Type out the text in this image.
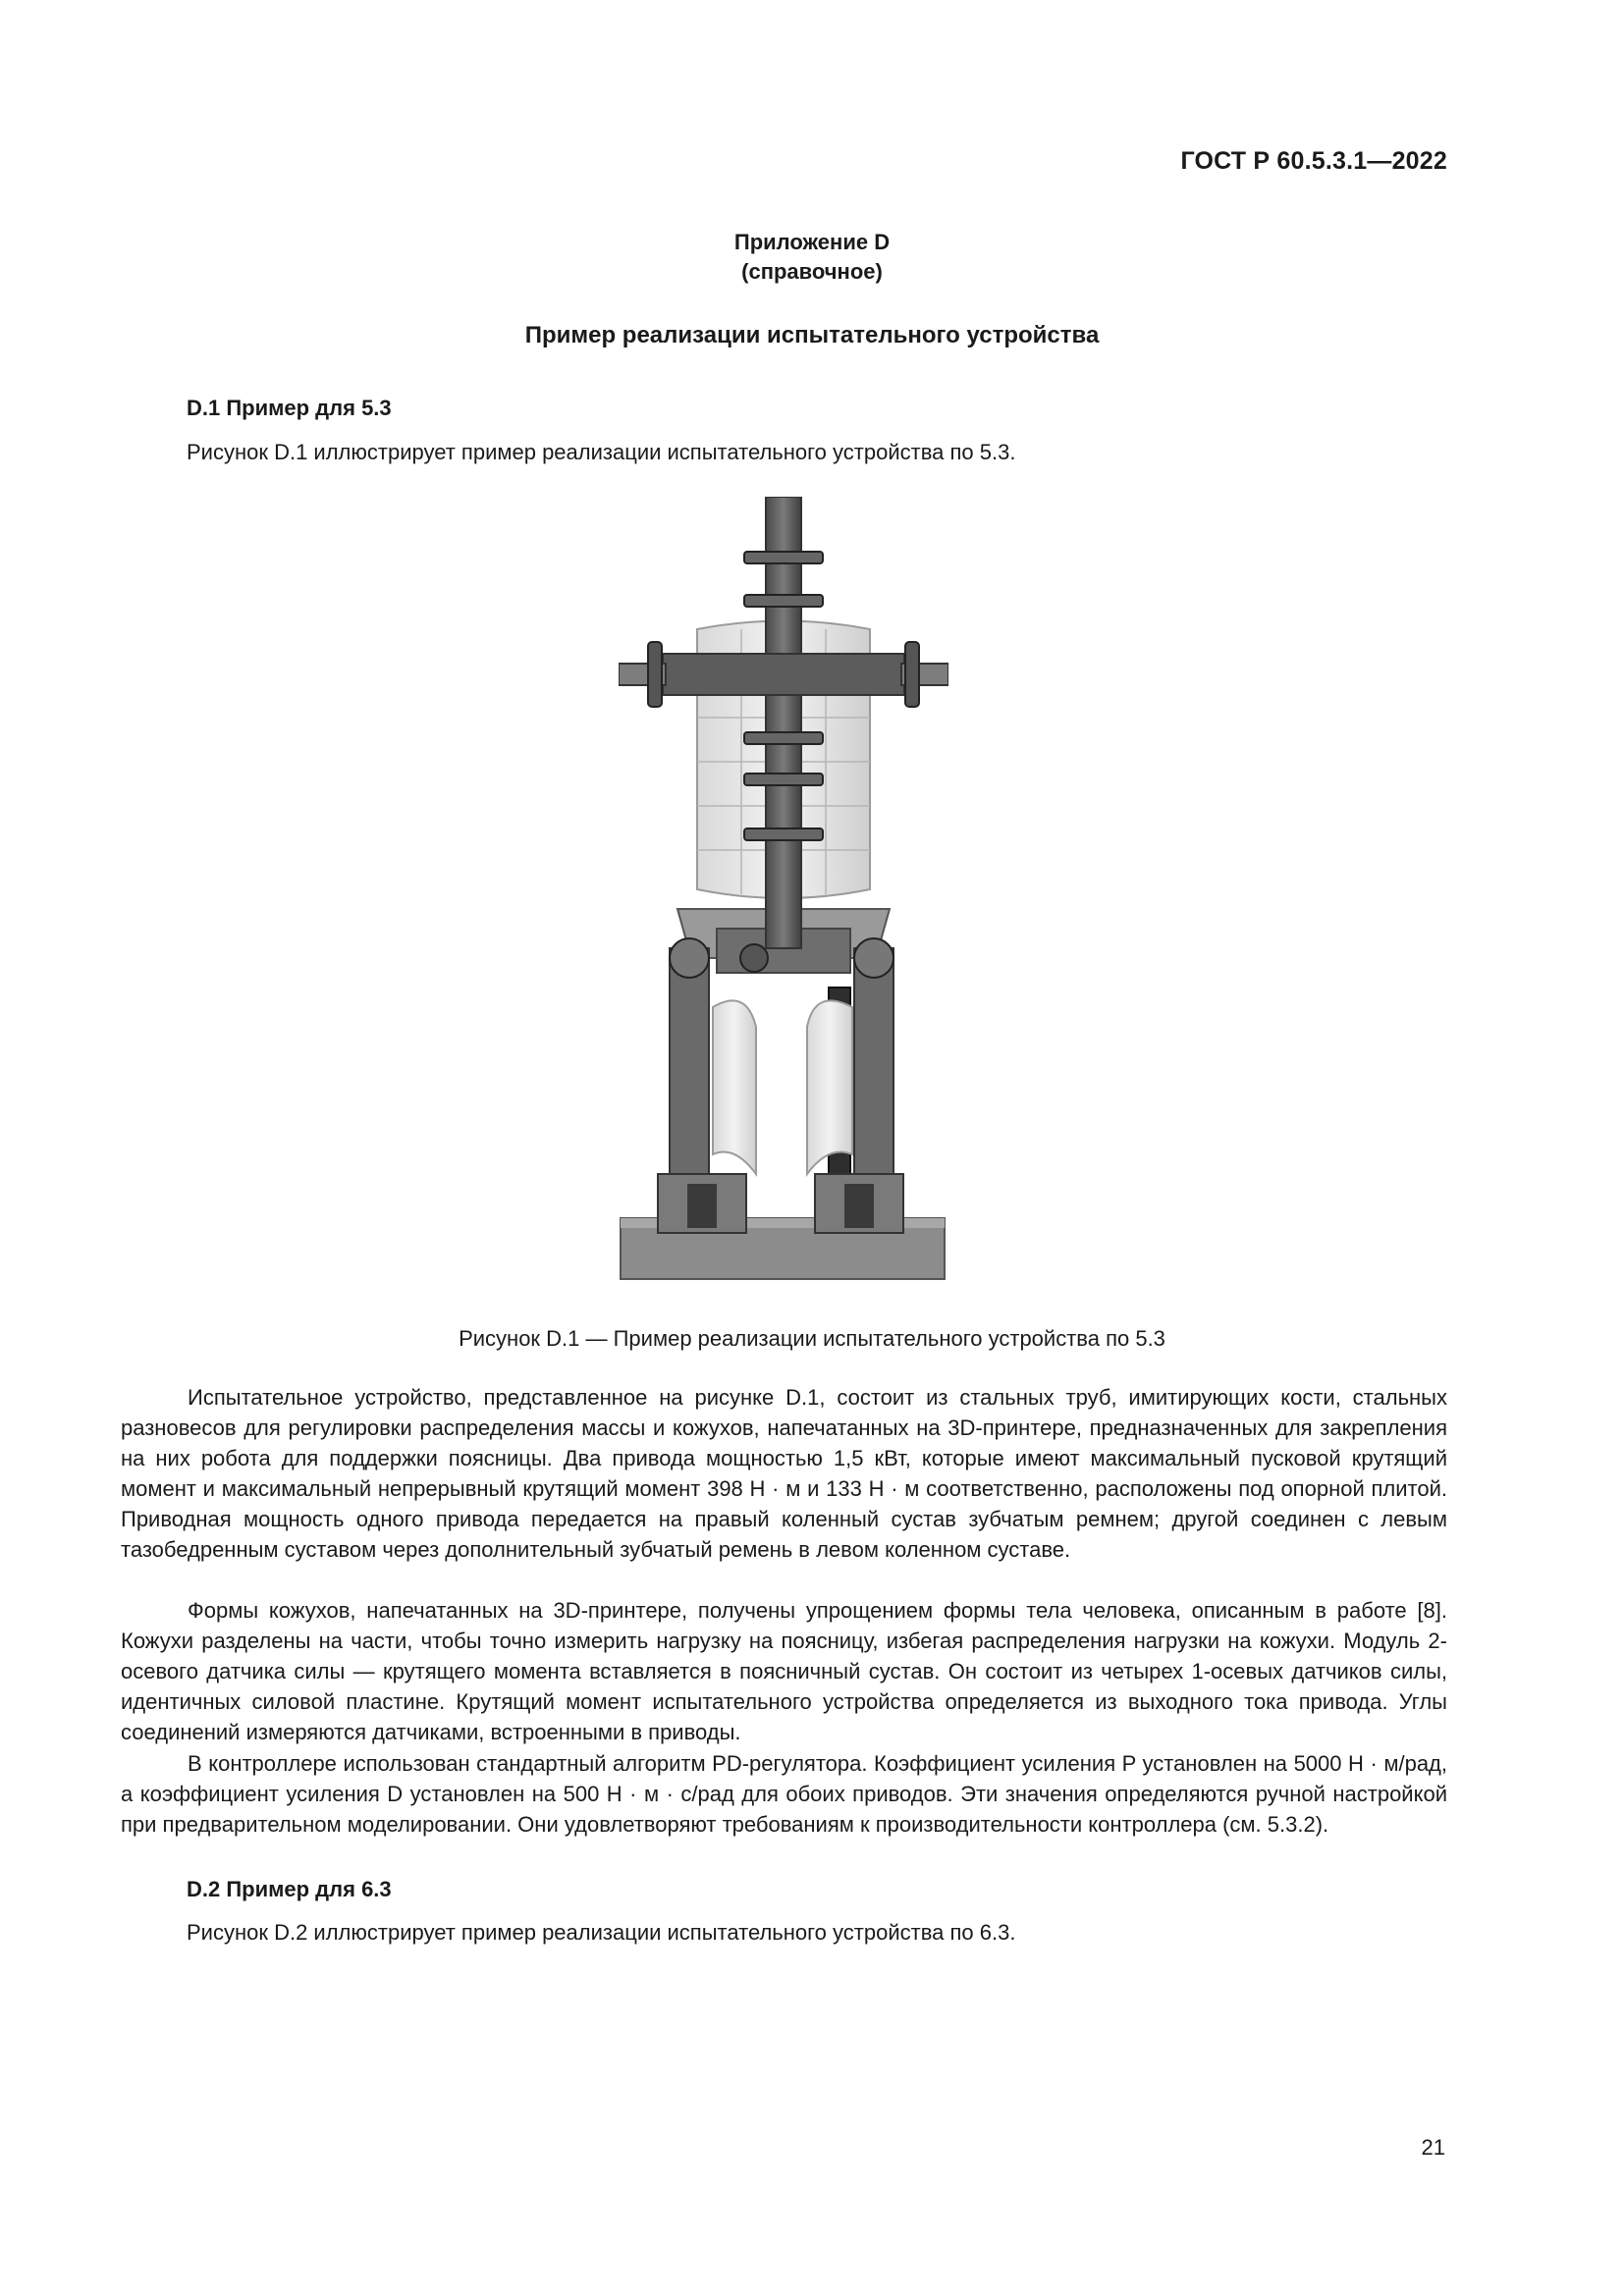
ГОСТ Р 60.5.3.1—2022
Приложение D
(справочное)
Пример реализации испытательного устройства
D.1 Пример для 5.3
Рисунок D.1 иллюстрирует пример реализации испытательного устройства по 5.3.
Рисунок D.1 — Пример реализации испытательного устройства по 5.3

Испытательное устройство, представленное на рисунке D.1, состоит из стальных труб, имитирующих кости, стальных разновесов для регулировки распределения массы и кожухов, напечатанных на 3D-принтере, предназначенных для закрепления на них робота для поддержки поясницы. Два привода мощностью 1,5 кВт, которые имеют максимальный пусковой крутящий момент и максимальный непрерывный крутящий момент 398 Н · м и 133 Н · м соответственно, расположены под опорной плитой. Приводная мощность одного привода передается на правый коленный сустав зубчатым ремнем; другой соединен с левым тазобедренным суставом через дополнительный зубчатый ремень в левом коленном суставе.

Формы кожухов, напечатанных на 3D-принтере, получены упрощением формы тела человека, описанным в работе [8]. Кожухи разделены на части, чтобы точно измерить нагрузку на поясницу, избегая распределения нагрузки на кожухи. Модуль 2-осевого датчика силы — крутящего момента вставляется в поясничный сустав. Он состоит из четырех 1-осевых датчиков силы, идентичных силовой пластине. Крутящий момент испытательного устройства определяется из выходного тока привода. Углы соединений измеряются датчиками, встроенными в приводы.

В контроллере использован стандартный алгоритм PD-регулятора. Коэффициент усиления P установлен на 5000 Н · м/рад, а коэффициент усиления D установлен на 500 Н · м · с/рад для обоих приводов. Эти значения определяются ручной настройкой при предварительном моделировании. Они удовлетворяют требованиям к производительности контроллера (см. 5.3.2).

D.2 Пример для 6.3
Рисунок D.2 иллюстрирует пример реализации испытательного устройства по 6.3.
21
